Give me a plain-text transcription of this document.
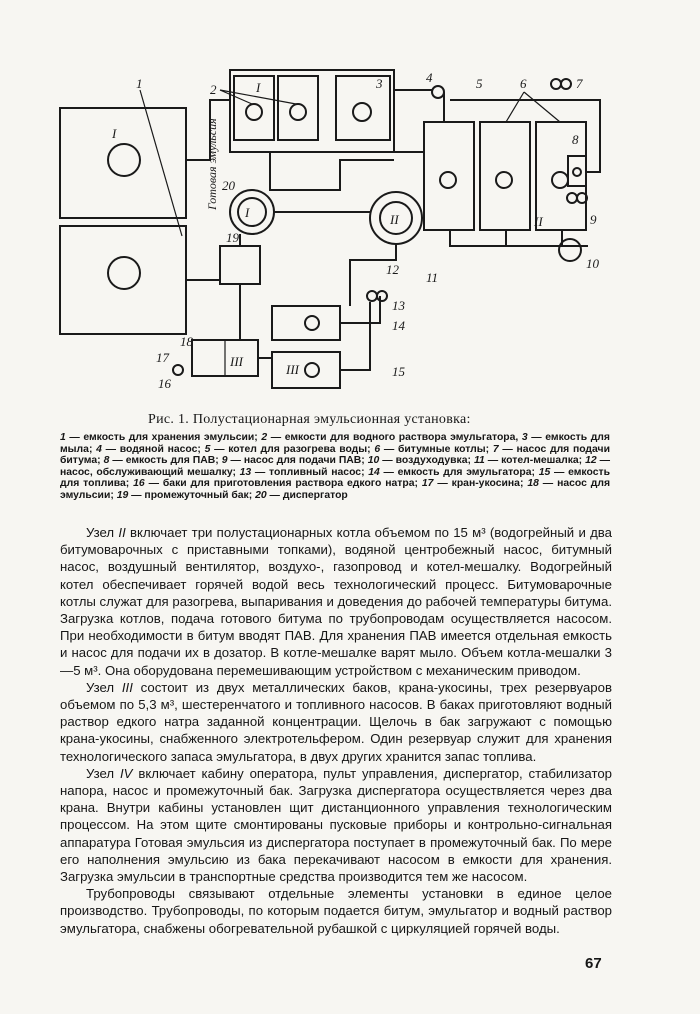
I
1
Готовая эмульсия
I
2	3
I
20
19
II
11
12
II
5	6
4	7
8
9
10
III
13
14
15
III
17
16
18
Рис. 1. Полустационарная эмульсионная установка:
1 — емкость для хранения эмульсии; 2 — емкости для водного раствора эмульгатора, 3 — емкость для мыла; 4 — водяной насос; 5 — котел для разогрева воды; 6 — битумные котлы; 7 — насос для подачи битума; 8 — емкость для ПАВ; 9 — насос для подачи ПАВ; 10 — воздуходувка; 11 — котел-мешалка; 12 — насос, обслуживающий мешалку; 13 — топливный насос; 14 — емкость для эмульгатора; 15 — емкость для топлива; 16 — баки для приготовления раствора едкого натра; 17 — кран-укосина; 18 — насос для эмульсии; 19 — промежуточный бак; 20 — диспергатор

Узел II включает три полустационарных котла объемом по 15 м³ (водогрейный и два битумоварочных с приставными топками), водяной центробежный насос, битумный насос, воздушный вентилятор, воздухо-, газопровод и котел-мешалку. Водогрейный котел обеспечивает горячей водой весь технологический процесс. Битумоварочные котлы служат для разогрева, выпаривания и доведения до рабочей температуры битума. Загрузка котлов, подача готового битума по трубопроводам осуществляется насосом. При необходимости в битум вводят ПАВ. Для хранения ПАВ имеется отдельная емкость и насос для подачи их в дозатор. В котле-мешалке варят мыло. Объем котла-мешалки 3—5 м³. Она оборудована перемешивающим устройством с механическим приводом.

Узел III состоит из двух металлических баков, крана-укосины, трех резервуаров объемом по 5,3 м³, шестеренчатого и топливного насосов. В баках приготовляют водный раствор едкого натра заданной концентрации. Щелочь в бак загружают с помощью крана-укосины, снабженного электротельфером. Один резервуар служит для хранения технологического запаса эмульгатора, в двух других хранится запас топлива.

Узел IV включает кабину оператора, пульт управления, диспергатор, стабилизатор напора, насос и промежуточный бак. Загрузка диспергатора осуществляется через два крана. Внутри кабины установлен щит дистанционного управления технологическим процессом. На этом щите смонтированы пусковые приборы и контрольно-сигнальная аппаратура Готовая эмульсия из диспергатора поступает в промежуточный бак. По мере его наполнения эмульсию из бака перекачивают насосом в емкости для хранения. Загрузка эмульсии в транспортные средства производится тем же насосом.

Трубопроводы связывают отдельные элементы установки в единое целое производство. Трубопроводы, по которым подается битум, эмульгатор и водный раствор эмульгатора, снабжены обогревательной рубашкой с циркуляцией горячей воды.

67
